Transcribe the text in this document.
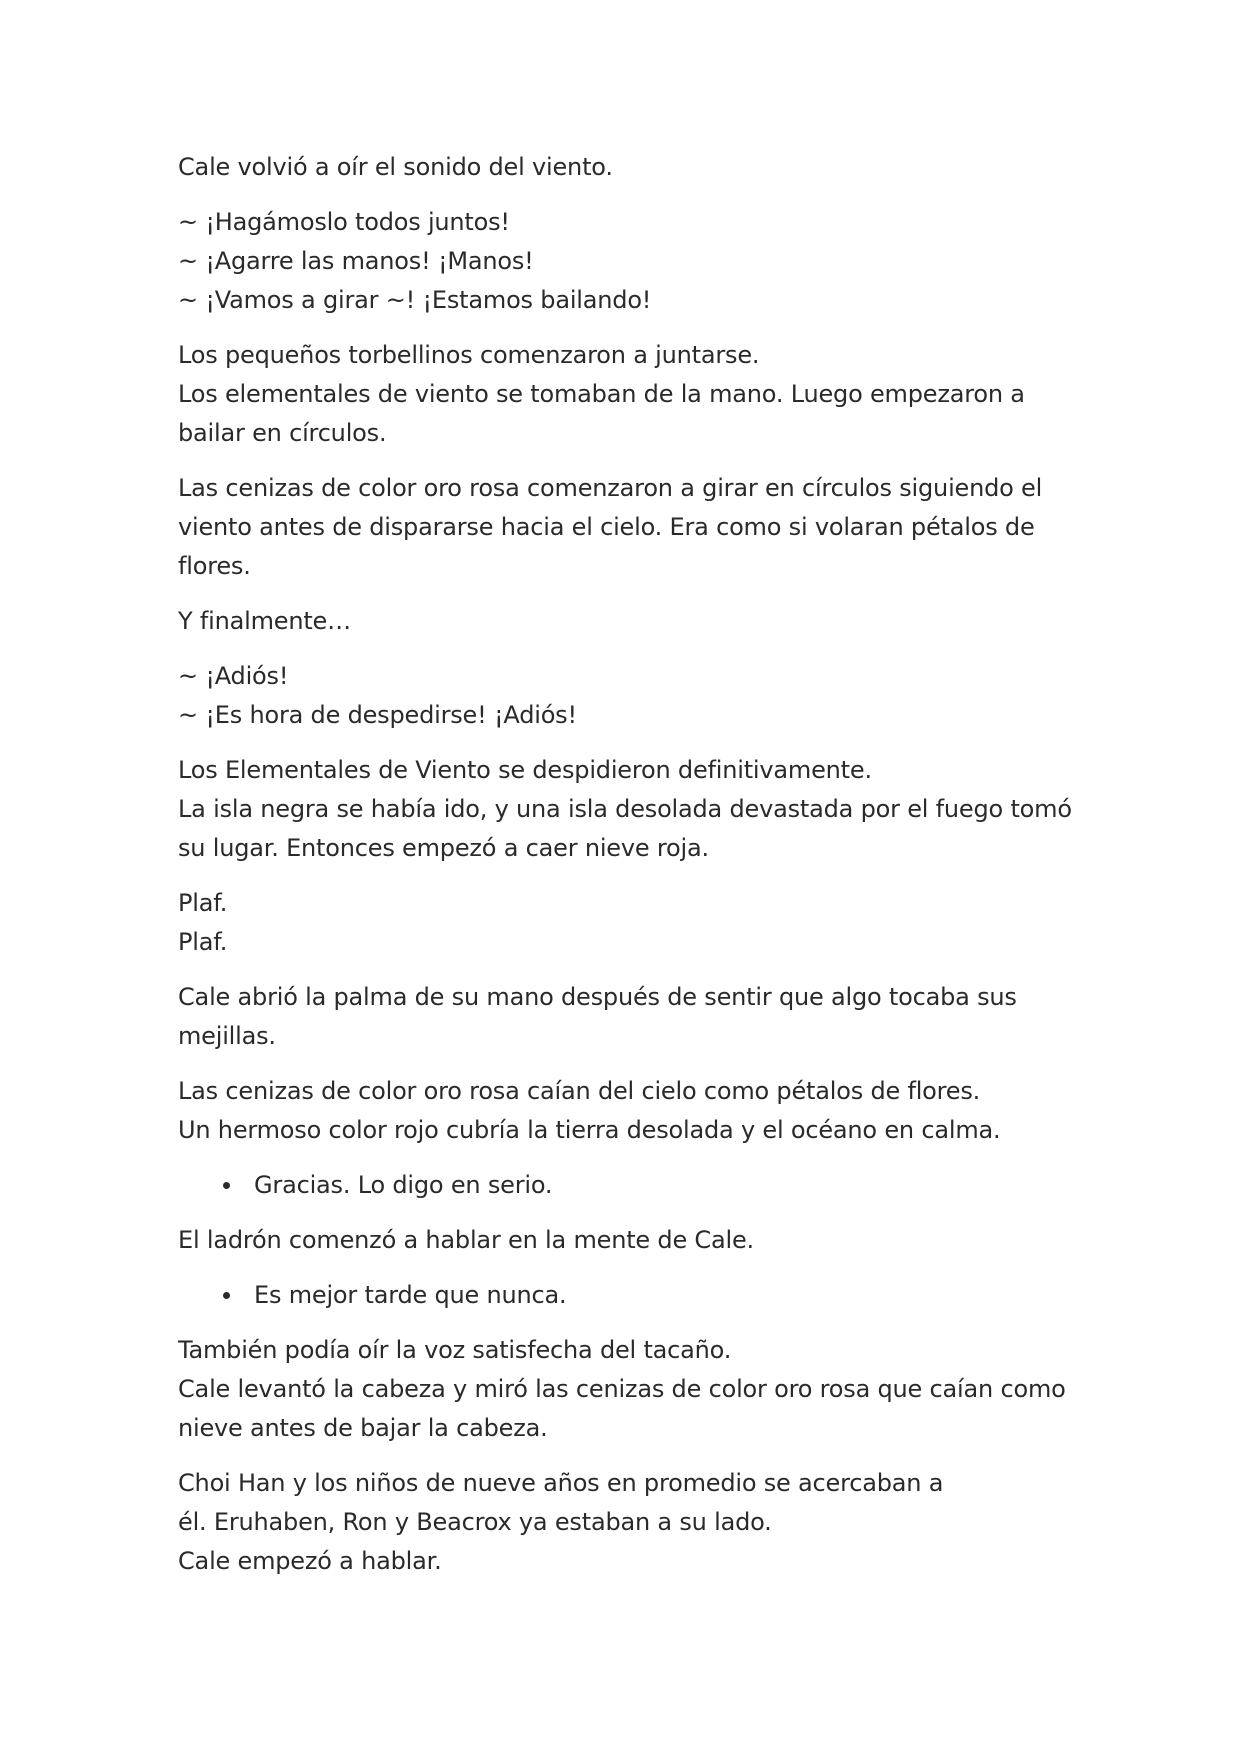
Cale volvió a oír el sonido del viento.

~ ¡Hagámoslo todos juntos!
~ ¡Agarre las manos! ¡Manos!
~ ¡Vamos a girar ~! ¡Estamos bailando!

Los pequeños torbellinos comenzaron a juntarse.
Los elementales de viento se tomaban de la mano. Luego empezaron a
bailar en círculos.

Las cenizas de color oro rosa comenzaron a girar en círculos siguiendo el
viento antes de dispararse hacia el cielo. Era como si volaran pétalos de
flores.

Y finalmente…

~ ¡Adiós!
~ ¡Es hora de despedirse! ¡Adiós!

Los Elementales de Viento se despidieron definitivamente.
La isla negra se había ido, y una isla desolada devastada por el fuego tomó
su lugar. Entonces empezó a caer nieve roja.

Plaf.
Plaf.

Cale abrió la palma de su mano después de sentir que algo tocaba sus
mejillas.

Las cenizas de color oro rosa caían del cielo como pétalos de flores.
Un hermoso color rojo cubría la tierra desolada y el océano en calma.

Gracias. Lo digo en serio.

El ladrón comenzó a hablar en la mente de Cale.

Es mejor tarde que nunca.

También podía oír la voz satisfecha del tacaño.
Cale levantó la cabeza y miró las cenizas de color oro rosa que caían como
nieve antes de bajar la cabeza.

Choi Han y los niños de nueve años en promedio se acercaban a
él. Eruhaben, Ron y Beacrox ya estaban a su lado.
Cale empezó a hablar.
